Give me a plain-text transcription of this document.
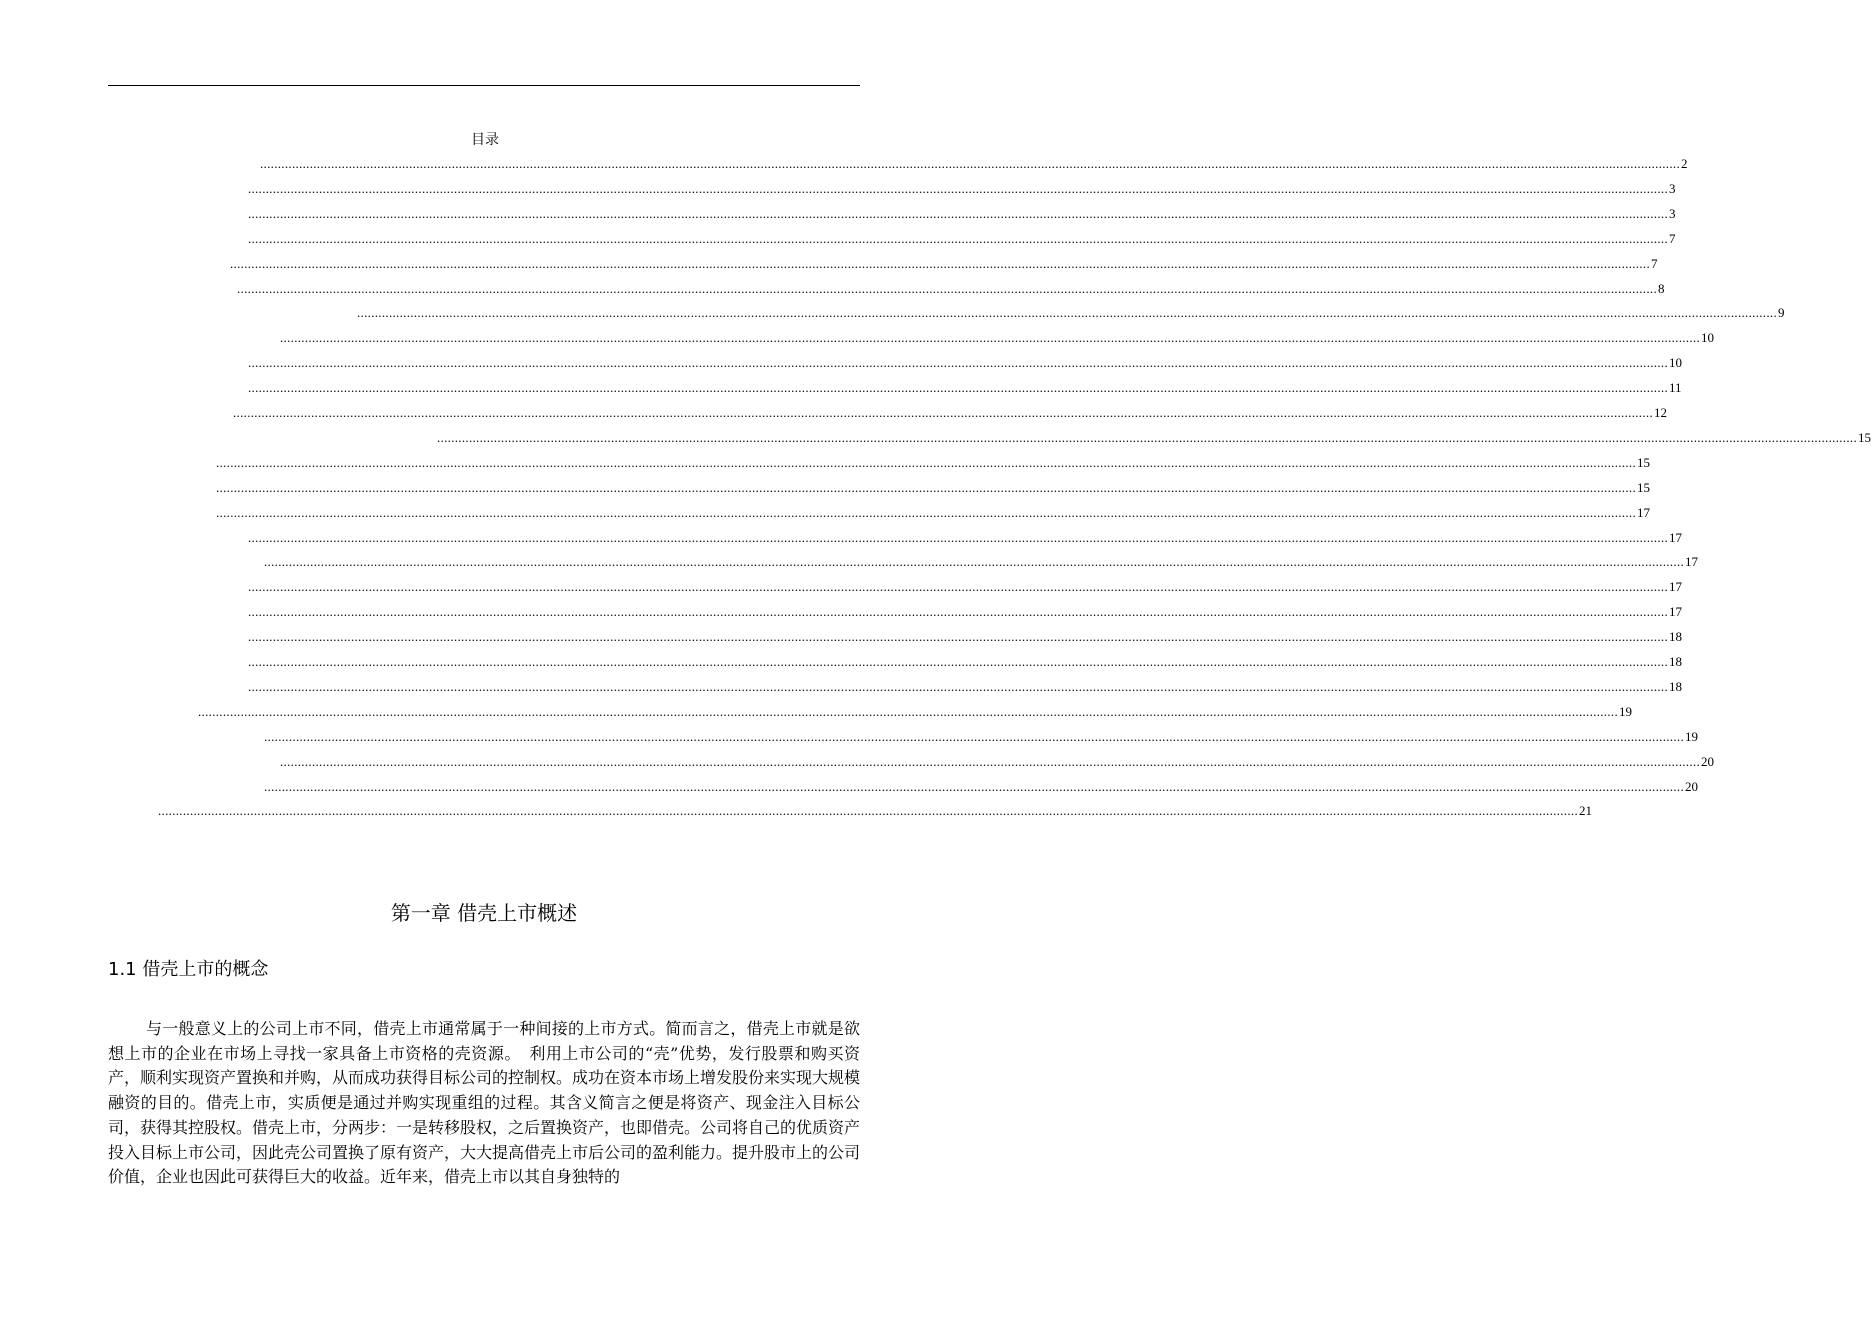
目录
................................................................................................................................................................................................................................................................................................................................................................................................................ 2
................................................................................................................................................................................................................................................................................................................................................................................................................ 3
................................................................................................................................................................................................................................................................................................................................................................................................................ 3
................................................................................................................................................................................................................................................................................................................................................................................................................ 7
................................................................................................................................................................................................................................................................................................................................................................................................................ 7
................................................................................................................................................................................................................................................................................................................................................................................................................ 8
................................................................................................................................................................................................................................................................................................................................................................................................................ 9
................................................................................................................................................................................................................................................................................................................................................................................................................ 10
................................................................................................................................................................................................................................................................................................................................................................................................................ 10
................................................................................................................................................................................................................................................................................................................................................................................................................ 11
................................................................................................................................................................................................................................................................................................................................................................................................................ 12
................................................................................................................................................................................................................................................................................................................................................................................................................ 15
................................................................................................................................................................................................................................................................................................................................................................................................................ 15
................................................................................................................................................................................................................................................................................................................................................................................................................ 15
................................................................................................................................................................................................................................................................................................................................................................................................................ 17
................................................................................................................................................................................................................................................................................................................................................................................................................ 17
................................................................................................................................................................................................................................................................................................................................................................................................................ 17
................................................................................................................................................................................................................................................................................................................................................................................................................ 17
................................................................................................................................................................................................................................................................................................................................................................................................................ 17
................................................................................................................................................................................................................................................................................................................................................................................................................ 18
................................................................................................................................................................................................................................................................................................................................................................................................................ 18
................................................................................................................................................................................................................................................................................................................................................................................................................ 18
................................................................................................................................................................................................................................................................................................................................................................................................................ 19
................................................................................................................................................................................................................................................................................................................................................................................................................ 19
................................................................................................................................................................................................................................................................................................................................................................................................................ 20
................................................................................................................................................................................................................................................................................................................................................................................................................ 20
................................................................................................................................................................................................................................................................................................................................................................................................................ 21
第一章 借壳上市概述
1.1 借壳上市的概念
与一般意义上的公司上市不同，借壳上市通常属于一种间接的上市方式。简而言之，借壳上市就是欲想上市的企业在市场上寻找一家具备上市资格的壳资源。　利用上市公司的“壳”优势，发行股票和购买资产，顺利实现资产置换和并购，从而成功获得目标公司的控制权。成功在资本市场上增发股份来实现大规模融资的目的。借壳上市，实质便是通过并购实现重组的过程。其含义简言之便是将资产、现金注入目标公司，获得其控股权。借壳上市，分两步：一是转移股权，之后置换资产，也即借壳。公司将自己的优质资产投入目标上市公司，因此壳公司置换了原有资产，大大提高借壳上市后公司的盈利能力。提升股市上的公司价值，企业也因此可获得巨大的收益。近年来，借壳上市以其自身独特的
